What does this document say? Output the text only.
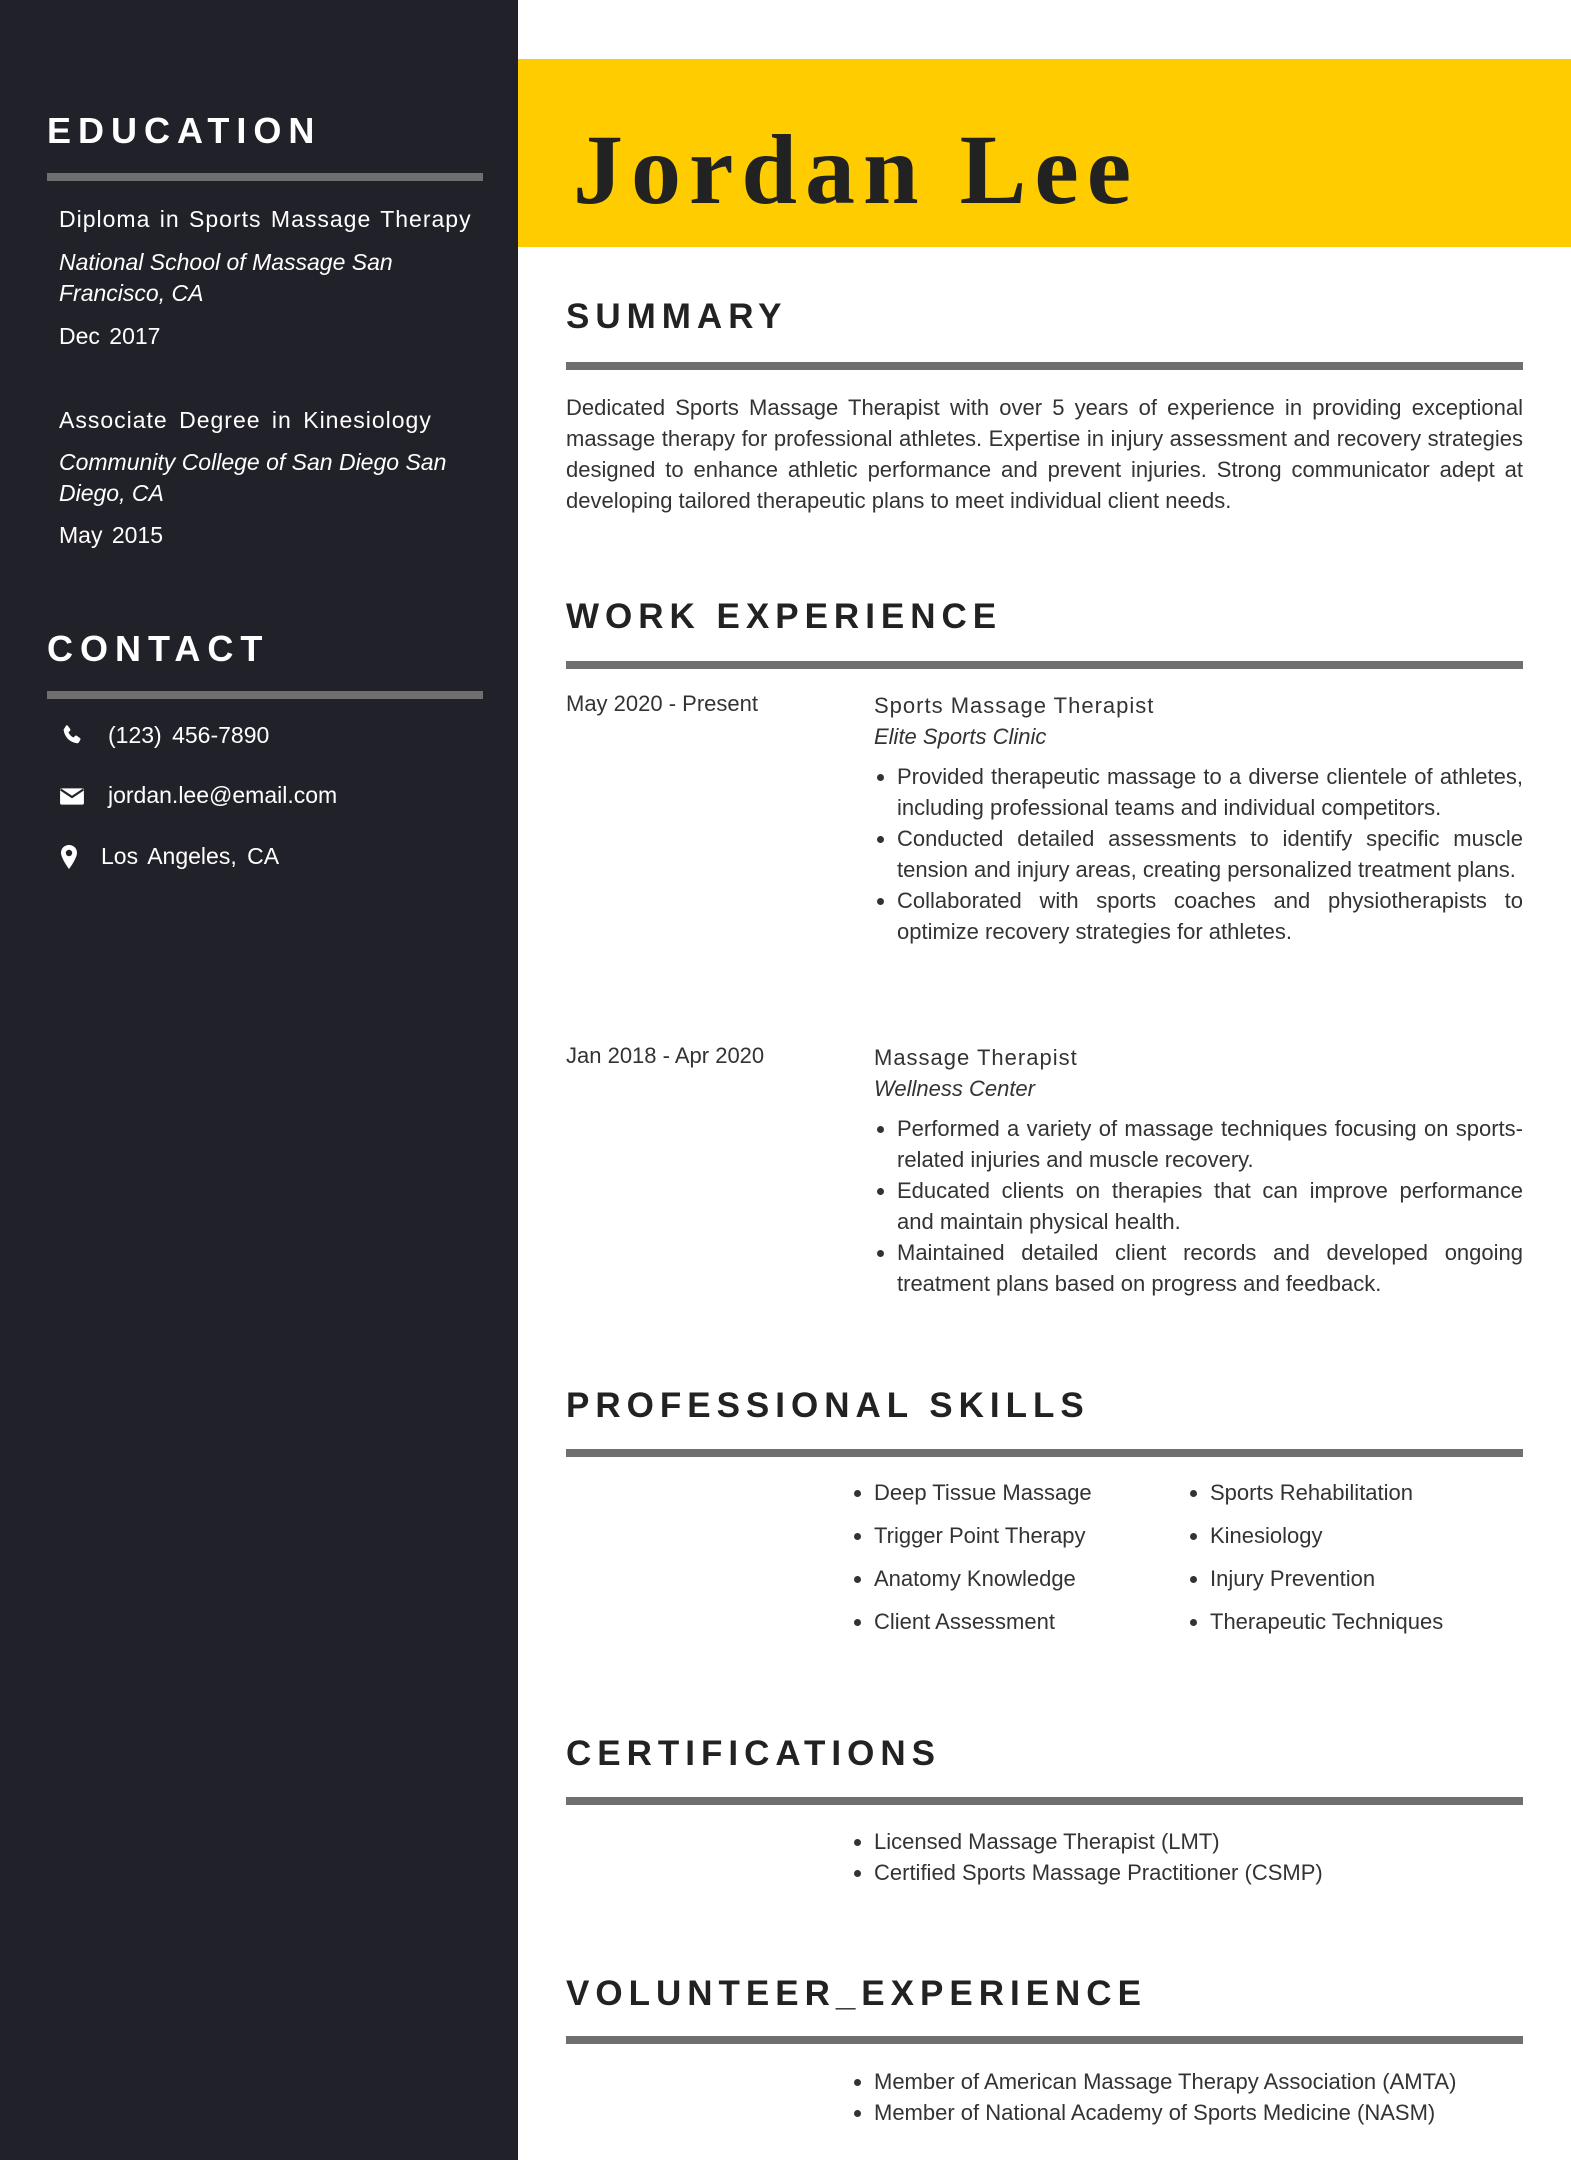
EDUCATION
Diploma in Sports Massage Therapy
National School of Massage San Francisco, CA
Dec 2017
Associate Degree in Kinesiology
Community College of San Diego San Diego, CA
May 2015
CONTACT
(123) 456-7890
jordan.lee@email.com
Los Angeles, CA
Jordan Lee
SUMMARY

Dedicated Sports Massage Therapist with over 5 years of experience in providing exceptional massage therapy for professional athletes. Expertise in injury assessment and recovery strategies designed to enhance athletic performance and prevent injuries. Strong communicator adept at developing tailored therapeutic plans to meet individual client needs.

WORK EXPERIENCE
May 2020 - Present	Sports Massage Therapist
Elite Sports Clinic
• Provided therapeutic massage to a diverse clientele of athletes, including professional teams and individual competitors.
• Conducted detailed assessments to identify specific muscle tension and injury areas, creating personalized treatment plans.
• Collaborated with sports coaches and physiotherapists to optimize recovery strategies for athletes.
Jan 2018 - Apr 2020	Massage Therapist
Wellness Center
• Performed a variety of massage techniques focusing on sports-related injuries and muscle recovery.
• Educated clients on therapies that can improve performance and maintain physical health.
• Maintained detailed client records and developed ongoing treatment plans based on progress and feedback.
PROFESSIONAL SKILLS
• Deep Tissue Massage
• Trigger Point Therapy
• Anatomy Knowledge
• Client Assessment
• Sports Rehabilitation
• Kinesiology
• Injury Prevention
• Therapeutic Techniques
CERTIFICATIONS
• Licensed Massage Therapist (LMT)
• Certified Sports Massage Practitioner (CSMP)
VOLUNTEER_EXPERIENCE
• Member of American Massage Therapy Association (AMTA)
• Member of National Academy of Sports Medicine (NASM)
